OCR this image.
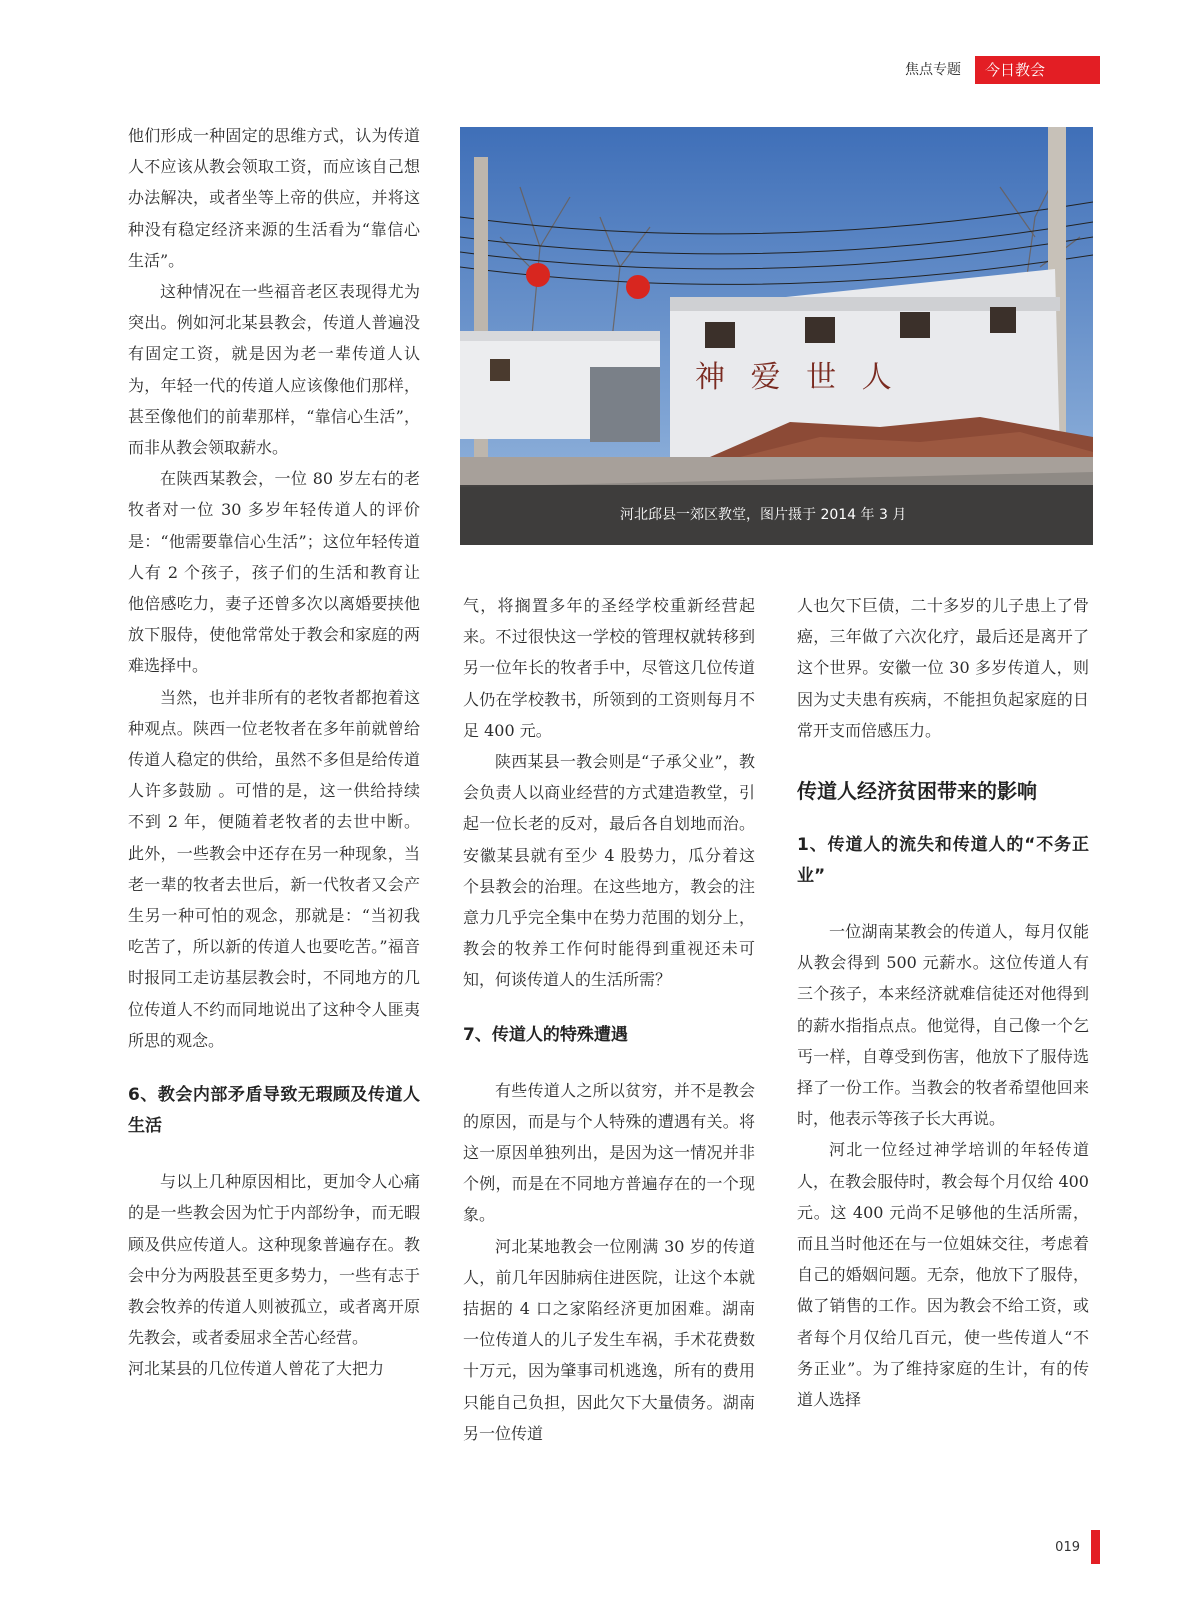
焦点专题	今日教会

他们形成一种固定的思维方式，认为传道人不应该从教会领取工资，而应该自己想办法解决，或者坐等上帝的供应，并将这种没有稳定经济来源的生活看为“靠信心生活”。

这种情况在一些福音老区表现得尤为突出。例如河北某县教会，传道人普遍没有固定工资，就是因为老一辈传道人认为，年轻一代的传道人应该像他们那样，甚至像他们的前辈那样，“靠信心生活”，而非从教会领取薪水。

在陕西某教会，一位 80 岁左右的老牧者对一位 30 多岁年轻传道人的评价是：“他需要靠信心生活”；这位年轻传道人有 2 个孩子，孩子们的生活和教育让他倍感吃力，妻子还曾多次以离婚要挟他放下服侍，使他常常处于教会和家庭的两难选择中。

当然，也并非所有的老牧者都抱着这种观点。陕西一位老牧者在多年前就曾给传道人稳定的供给，虽然不多但是给传道人许多鼓励 。可惜的是，这一供给持续不到 2 年，便随着老牧者的去世中断。此外，一些教会中还存在另一种现象，当老一辈的牧者去世后，新一代牧者又会产生另一种可怕的观念，那就是：“当初我吃苦了，所以新的传道人也要吃苦。”福音时报同工走访基层教会时，不同地方的几位传道人不约而同地说出了这种令人匪夷所思的观念。

6、教会内部矛盾导致无瑕顾及传道人生活

与以上几种原因相比，更加令人心痛的是一些教会因为忙于内部纷争，而无暇顾及供应传道人。这种现象普遍存在。教会中分为两股甚至更多势力，一些有志于教会牧养的传道人则被孤立，或者离开原先教会，或者委屈求全苦心经营。

河北某县的几位传道人曾花了大把力

神 爱 世 人
河北邱县一郊区教堂，图片摄于 2014 年 3 月

气，将搁置多年的圣经学校重新经营起来。不过很快这一学校的管理权就转移到另一位年长的牧者手中，尽管这几位传道人仍在学校教书，所领到的工资则每月不足 400 元。

陕西某县一教会则是“子承父业”，教会负责人以商业经营的方式建造教堂，引起一位长老的反对，最后各自划地而治。安徽某县就有至少 4 股势力，瓜分着这个县教会的治理。在这些地方，教会的注意力几乎完全集中在势力范围的划分上，教会的牧养工作何时能得到重视还未可知，何谈传道人的生活所需？

7、传道人的特殊遭遇

有些传道人之所以贫穷，并不是教会的原因，而是与个人特殊的遭遇有关。将这一原因单独列出，是因为这一情况并非个例，而是在不同地方普遍存在的一个现象。

河北某地教会一位刚满 30 岁的传道人，前几年因肺病住进医院，让这个本就拮据的 4 口之家陷经济更加困难。湖南一位传道人的儿子发生车祸，手术花费数十万元，因为肇事司机逃逸，所有的费用只能自己负担，因此欠下大量债务。湖南另一位传道

人也欠下巨债，二十多岁的儿子患上了骨癌，三年做了六次化疗，最后还是离开了这个世界。安徽一位 30 多岁传道人，则因为丈夫患有疾病，不能担负起家庭的日常开支而倍感压力。

传道人经济贫困带来的影响
1、传道人的流失和传道人的“不务正业”

一位湖南某教会的传道人，每月仅能从教会得到 500 元薪水。这位传道人有三个孩子，本来经济就难信徒还对他得到的薪水指指点点。他觉得，自己像一个乞丐一样，自尊受到伤害，他放下了服侍选择了一份工作。当教会的牧者希望他回来时，他表示等孩子长大再说。

河北一位经过神学培训的年轻传道人，在教会服侍时，教会每个月仅给 400 元。这 400 元尚不足够他的生活所需，而且当时他还在与一位姐妹交往，考虑着自己的婚姻问题。无奈，他放下了服侍，做了销售的工作。因为教会不给工资，或者每个月仅给几百元，使一些传道人“不务正业”。为了维持家庭的生计，有的传道人选择

019
